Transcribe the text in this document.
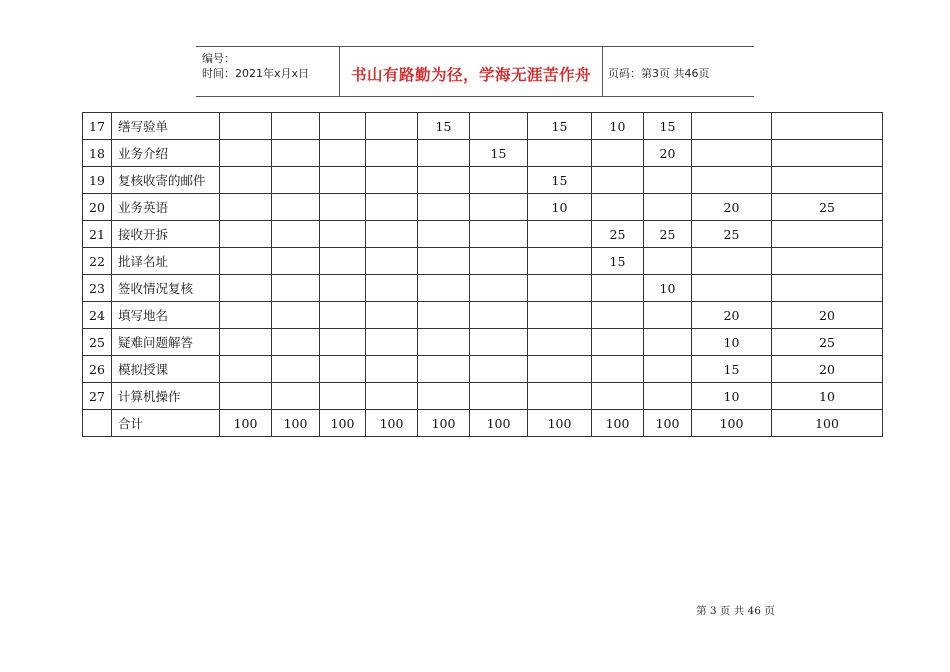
编号：
时间：2021年x月x日	书山有路勤为径，学海无涯苦作舟	页码：第3页 共46页
17	缮写验单					15		15	10	15		
18	业务介绍						15			20		
19	复核收寄的邮件							15				
20	业务英语							10			20	25
21	接收开拆								25	25	25	
22	批译名址								15			
23	签收情况复核									10		
24	填写地名										20	20
25	疑难问题解答										10	25
26	模拟授课										15	20
27	计算机操作										10	10
	合计	100	100	100	100	100	100	100	100	100	100	100
第 3 页 共 46 页
